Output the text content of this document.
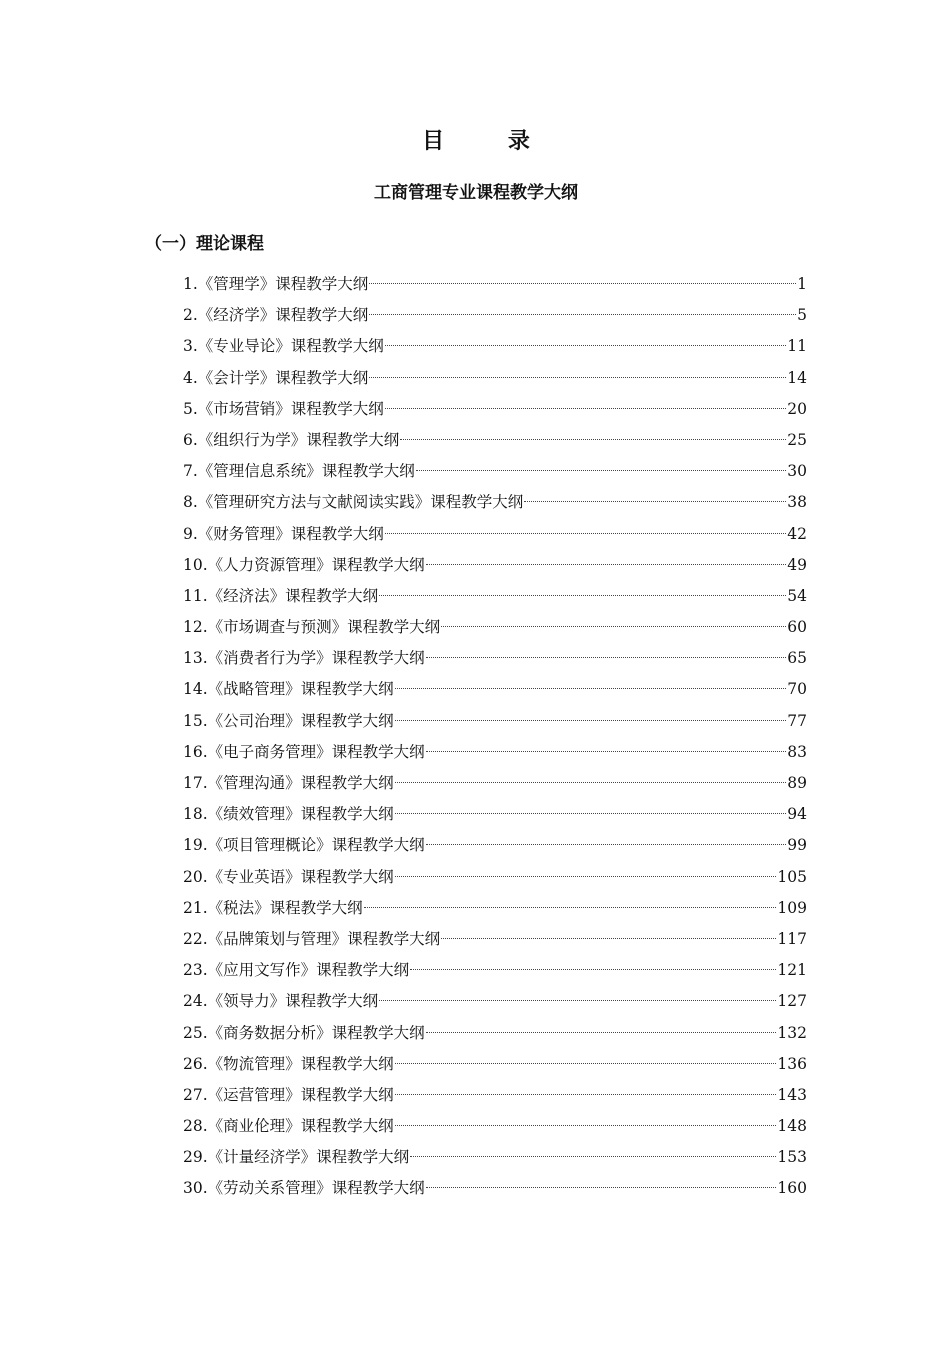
目 录
工商管理专业课程教学大纲
（一）理论课程
1.《管理学》课程教学大纲	1
2.《经济学》课程教学大纲	5
3.《专业导论》课程教学大纲	11
4.《会计学》课程教学大纲	14
5.《市场营销》课程教学大纲	20
6.《组织行为学》课程教学大纲	25
7.《管理信息系统》课程教学大纲	30
8.《管理研究方法与文献阅读实践》课程教学大纲	38
9.《财务管理》课程教学大纲	42
10.《人力资源管理》课程教学大纲	49
11.《经济法》课程教学大纲	54
12.《市场调查与预测》课程教学大纲	60
13.《消费者行为学》课程教学大纲	65
14.《战略管理》课程教学大纲	70
15.《公司治理》课程教学大纲	77
16.《电子商务管理》课程教学大纲	83
17.《管理沟通》课程教学大纲	89
18.《绩效管理》课程教学大纲	94
19.《项目管理概论》课程教学大纲	99
20.《专业英语》课程教学大纲	105
21.《税法》课程教学大纲	109
22.《品牌策划与管理》课程教学大纲	117
23.《应用文写作》课程教学大纲	121
24.《领导力》课程教学大纲	127
25.《商务数据分析》课程教学大纲	132
26.《物流管理》课程教学大纲	136
27.《运营管理》课程教学大纲	143
28.《商业伦理》课程教学大纲	148
29.《计量经济学》课程教学大纲	153
30.《劳动关系管理》课程教学大纲	160
